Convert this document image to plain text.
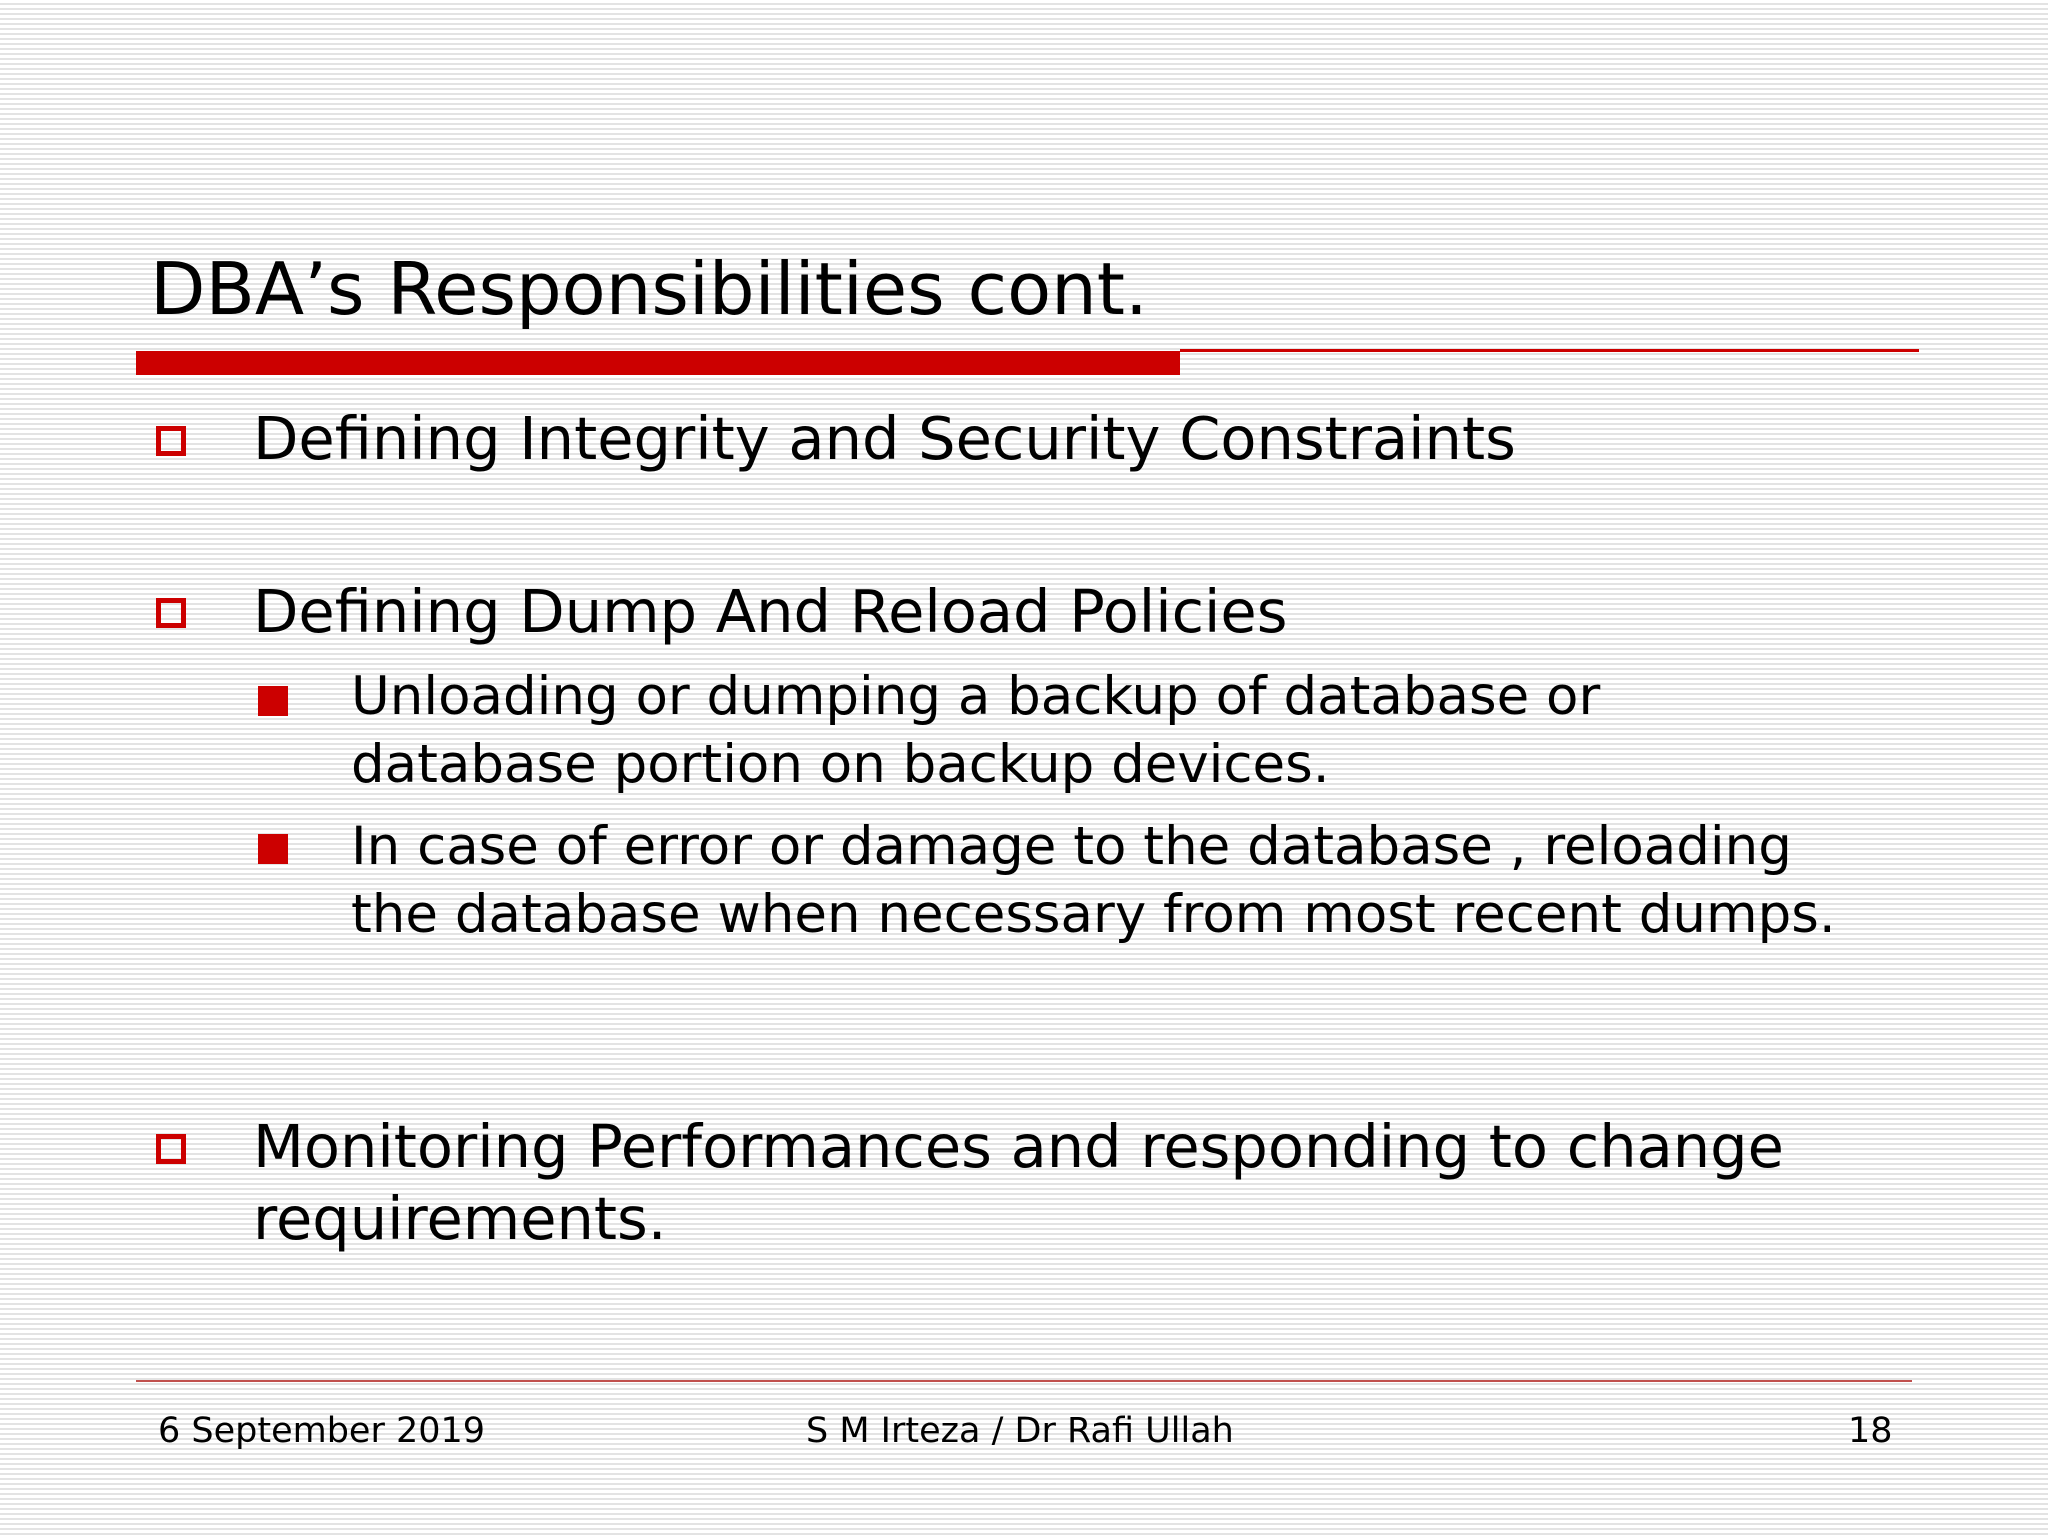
DBA’s Responsibilities cont.
Defining Integrity and Security Constraints
Defining Dump And Reload Policies
Unloading or dumping a backup of database or database portion on backup devices.
In case of error or damage to the database , reloading the database when necessary from most recent dumps.
Monitoring Performances and responding to change requirements.
6 September 2019	S M Irteza / Dr Rafi Ullah	18
